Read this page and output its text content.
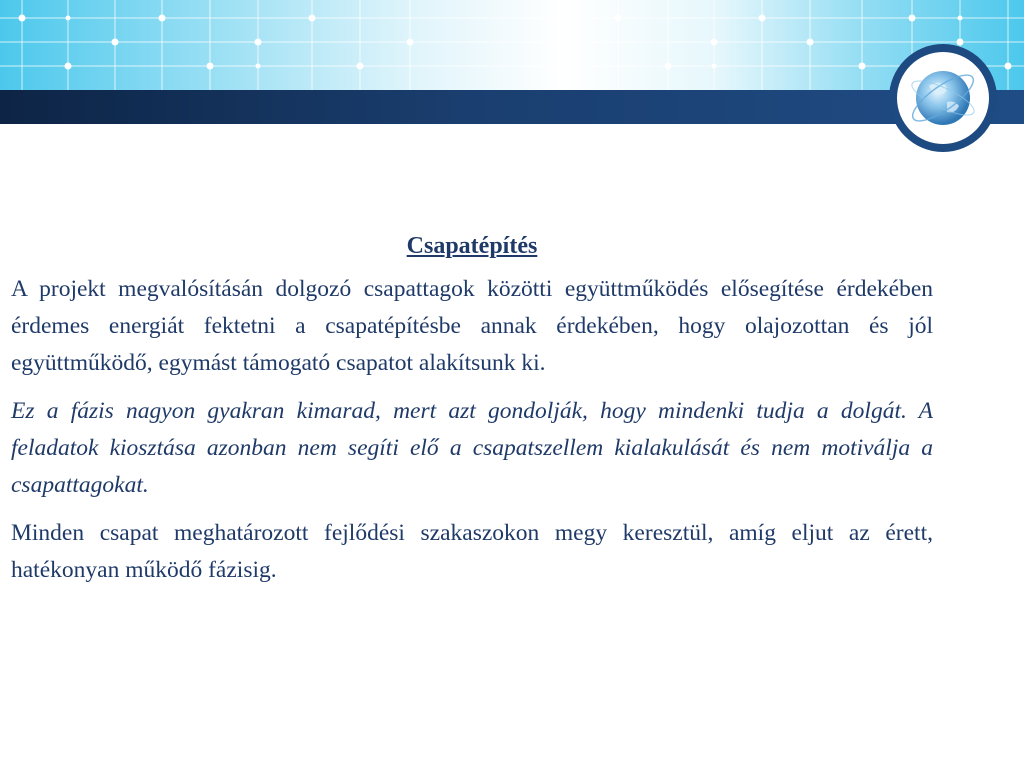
Csapatépítés

A projekt megvalósításán dolgozó csapattagok közötti együttműködés elősegítése érdekében érdemes energiát fektetni a csapatépítésbe annak érdekében, hogy olajozottan és jól együttműködő, egymást támogató csapatot alakítsunk ki.

Ez a fázis nagyon gyakran kimarad, mert azt gondolják, hogy mindenki tudja a dolgát. A feladatok kiosztása azonban nem segíti elő a csapatszellem kialakulását és nem motiválja a csapattagokat.

Minden csapat meghatározott fejlődési szakaszokon megy keresztül, amíg eljut az érett, hatékonyan működő fázisig.
